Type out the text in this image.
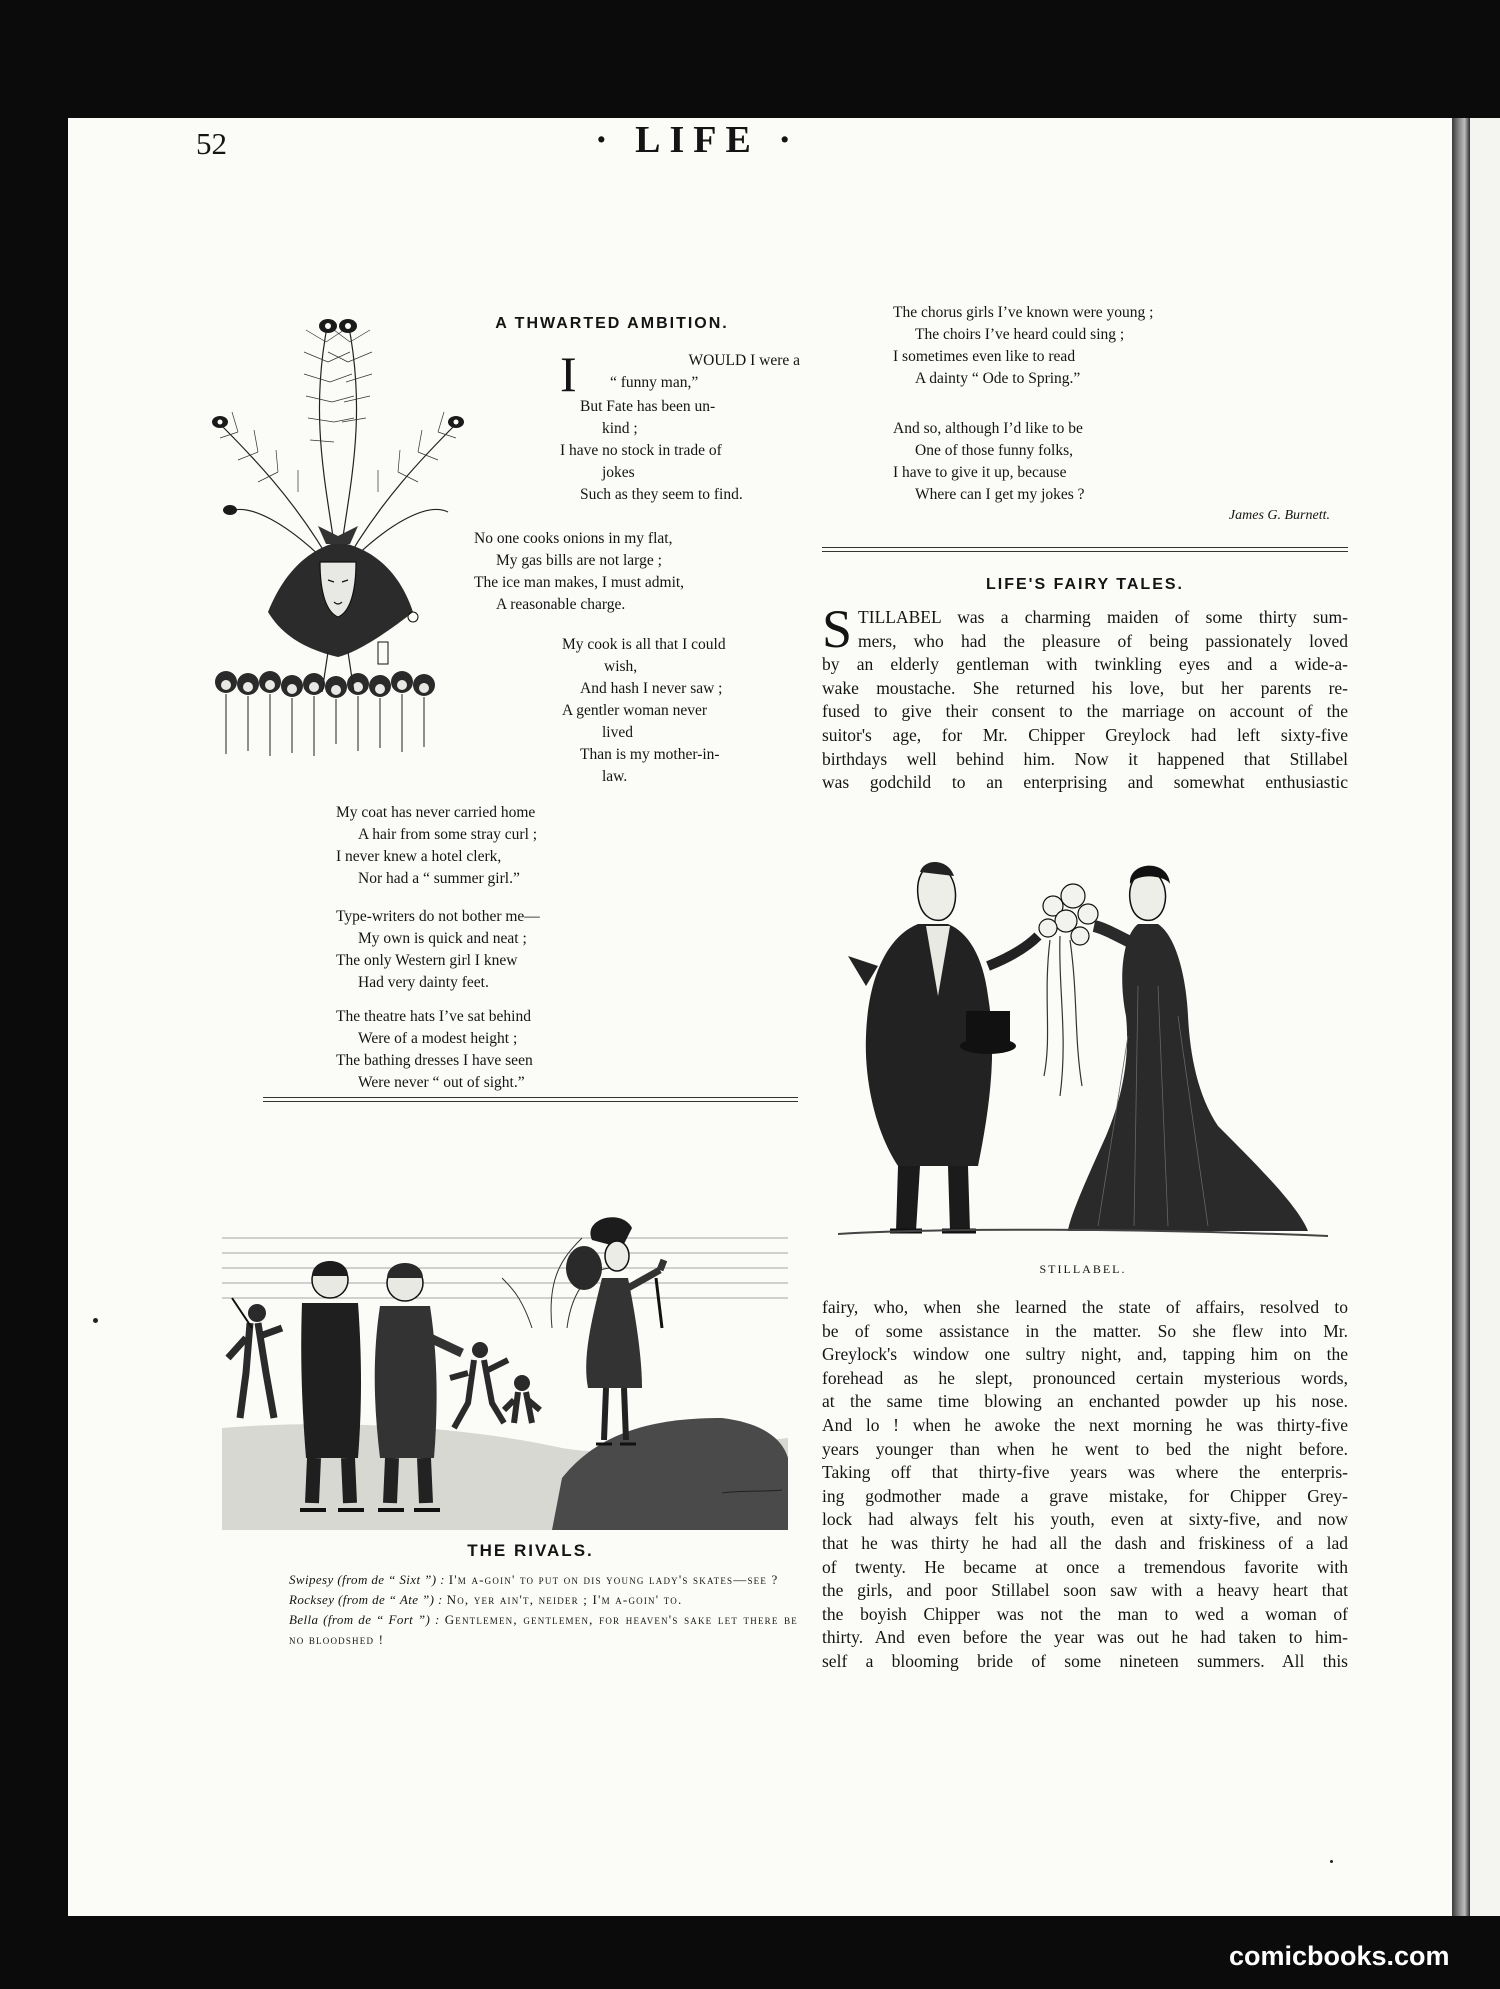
52	· LIFE ·
A THWARTED AMBITION.
I	WOULD I were a
“ funny man,”
But Fate has been un-
kind ;
I have no stock in trade of
jokes
Such as they seem to find.
No one cooks onions in my flat,
My gas bills are not large ;
The ice man makes, I must admit,
A reasonable charge.
My cook is all that I could
wish,
And hash I never saw ;
A gentler woman never
lived
Than is my mother-in-
law.
My coat has never carried home
A hair from some stray curl ;
I never knew a hotel clerk,
Nor had a “ summer girl.”
Type-writers do not bother me—
My own is quick and neat ;
The only Western girl I knew
Had very dainty feet.
The theatre hats I’ve sat behind
Were of a modest height ;
The bathing dresses I have seen
Were never “ out of sight.”
The chorus girls I’ve known were young ;
The choirs I’ve heard could sing ;
I sometimes even like to read
A dainty “ Ode to Spring.”
And so, although I’d like to be
One of those funny folks,
I have to give it up, because
Where can I get my jokes ?
James G. Burnett.
LIFE'S FAIRY TALES.
S TILLABEL was a charming maiden of some thirty sum-
mers, who had the pleasure of being passionately loved
by an elderly gentleman with twinkling eyes and a wide-a-
wake moustache. She returned his love, but her parents re-
fused to give their consent to the marriage on account of the
suitor's age, for Mr. Chipper Greylock had left sixty-five
birthdays well behind him. Now it happened that Stillabel
was godchild to an enterprising and somewhat enthusiastic
STILLABEL.
fairy, who, when she learned the state of affairs, resolved to
be of some assistance in the matter. So she flew into Mr.
Greylock's window one sultry night, and, tapping him on the
forehead as he slept, pronounced certain mysterious words,
at the same time blowing an enchanted powder up his nose.
And lo ! when he awoke the next morning he was thirty-five
years younger than when he went to bed the night before.
Taking off that thirty-five years was where the enterpris-
ing godmother made a grave mistake, for Chipper Grey-
lock had always felt his youth, even at sixty-five, and now
that he was thirty he had all the dash and friskiness of a lad
of twenty. He became at once a tremendous favorite with
the girls, and poor Stillabel soon saw with a heavy heart that
the boyish Chipper was not the man to wed a woman of
thirty. And even before the year was out he had taken to him-
self a blooming bride of some nineteen summers. All this
THE RIVALS.
Swipesy (from de “ Sixt ”) : I'm a-goin' to put on dis young lady's skates—see ?
Rocksey (from de “ Ate ”) : No, yer ain't, neider ; I'm a-goin' to.
Bella (from de “ Fort ”) : Gentlemen, gentlemen, for heaven's sake let there be no bloodshed !
comicbooks.com
